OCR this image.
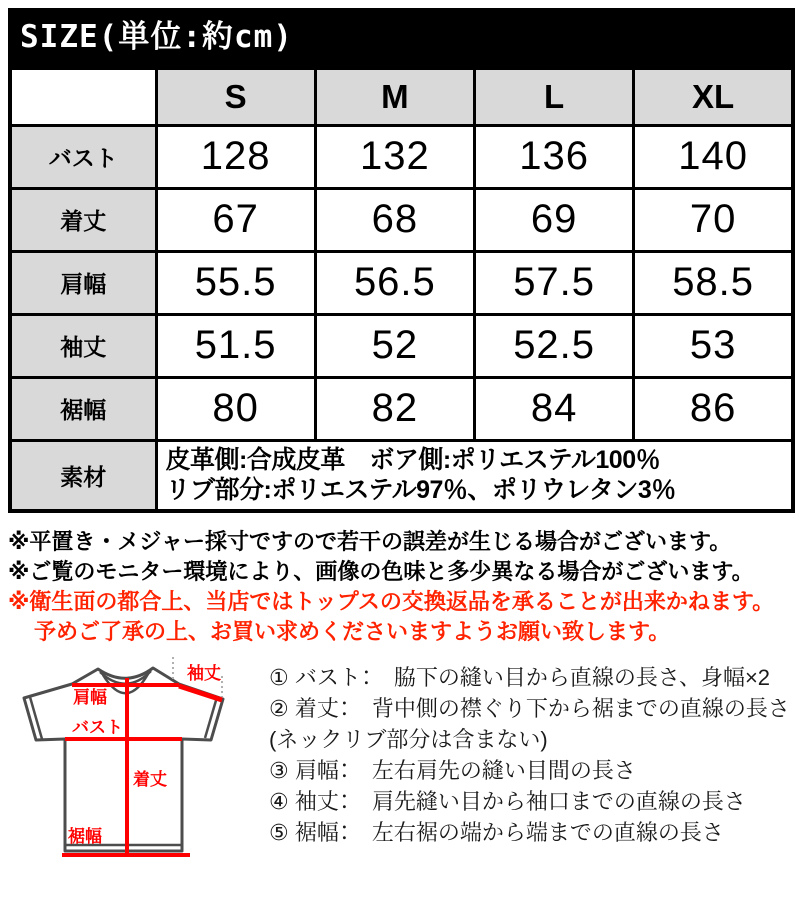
SIZE(単位:約cm)
	S	M	L	XL
バスト	128	132	136	140
着丈	67	68	69	70
肩幅	55.5	56.5	57.5	58.5
袖丈	51.5	52	52.5	53
裾幅	80	82	84	86
素材	皮革側:合成皮革　ボア側:ポリエステル100％
リブ部分:ポリエステル97％、ポリウレタン3％			
※平置き・メジャー採寸ですので若干の誤差が生じる場合がございます。
※ご覧のモニター環境により、画像の色味と多少異なる場合がございます。
※衛生面の都合上、当店ではトップスの交換返品を承ることが出来かねます。
予めご了承の上、お買い求めくださいますようお願い致します。
肩幅
袖丈
バスト
着丈
裾幅
① バスト：　脇下の縫い目から直線の長さ、身幅×2
② 着丈：　背中側の襟ぐり下から裾までの直線の長さ
(ネックリブ部分は含まない)
③ 肩幅：　左右肩先の縫い目間の長さ
④ 袖丈：　肩先縫い目から袖口までの直線の長さ
⑤ 裾幅：　左右裾の端から端までの直線の長さ
